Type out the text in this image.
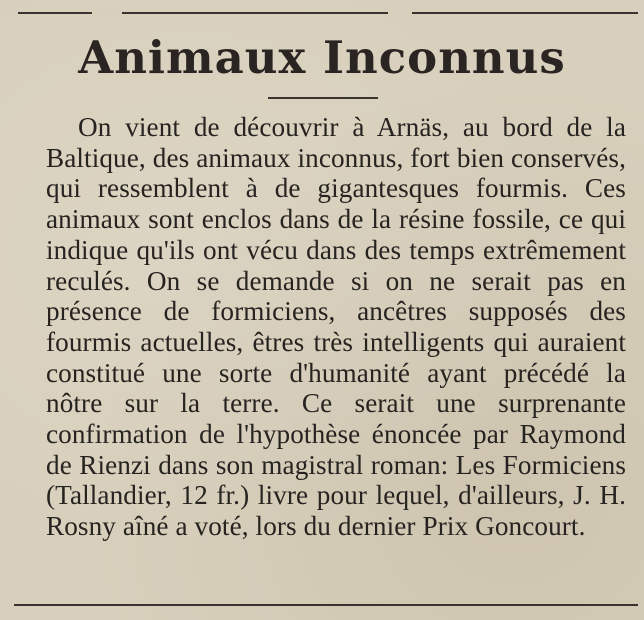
Animaux Inconnus

On vient de découvrir à Arnäs, au bord de la Baltique, des animaux inconnus, fort bien conservés, qui ressemblent à de gigantesques fourmis. Ces animaux sont enclos dans de la résine fossile, ce qui indique qu'ils ont vécu dans des temps extrêmement reculés. On se demande si on ne serait pas en présence de formiciens, ancêtres supposés des fourmis actuelles, êtres très intelligents qui auraient constitué une sorte d'humanité ayant précédé la nôtre sur la terre. Ce serait une surprenante confirmation de l'hypothèse énoncée par Raymond de Rienzi dans son magistral roman: Les Formiciens (Tallandier, 12 fr.) livre pour lequel, d'ailleurs, J. H. Rosny aîné a voté, lors du dernier Prix Goncourt.
